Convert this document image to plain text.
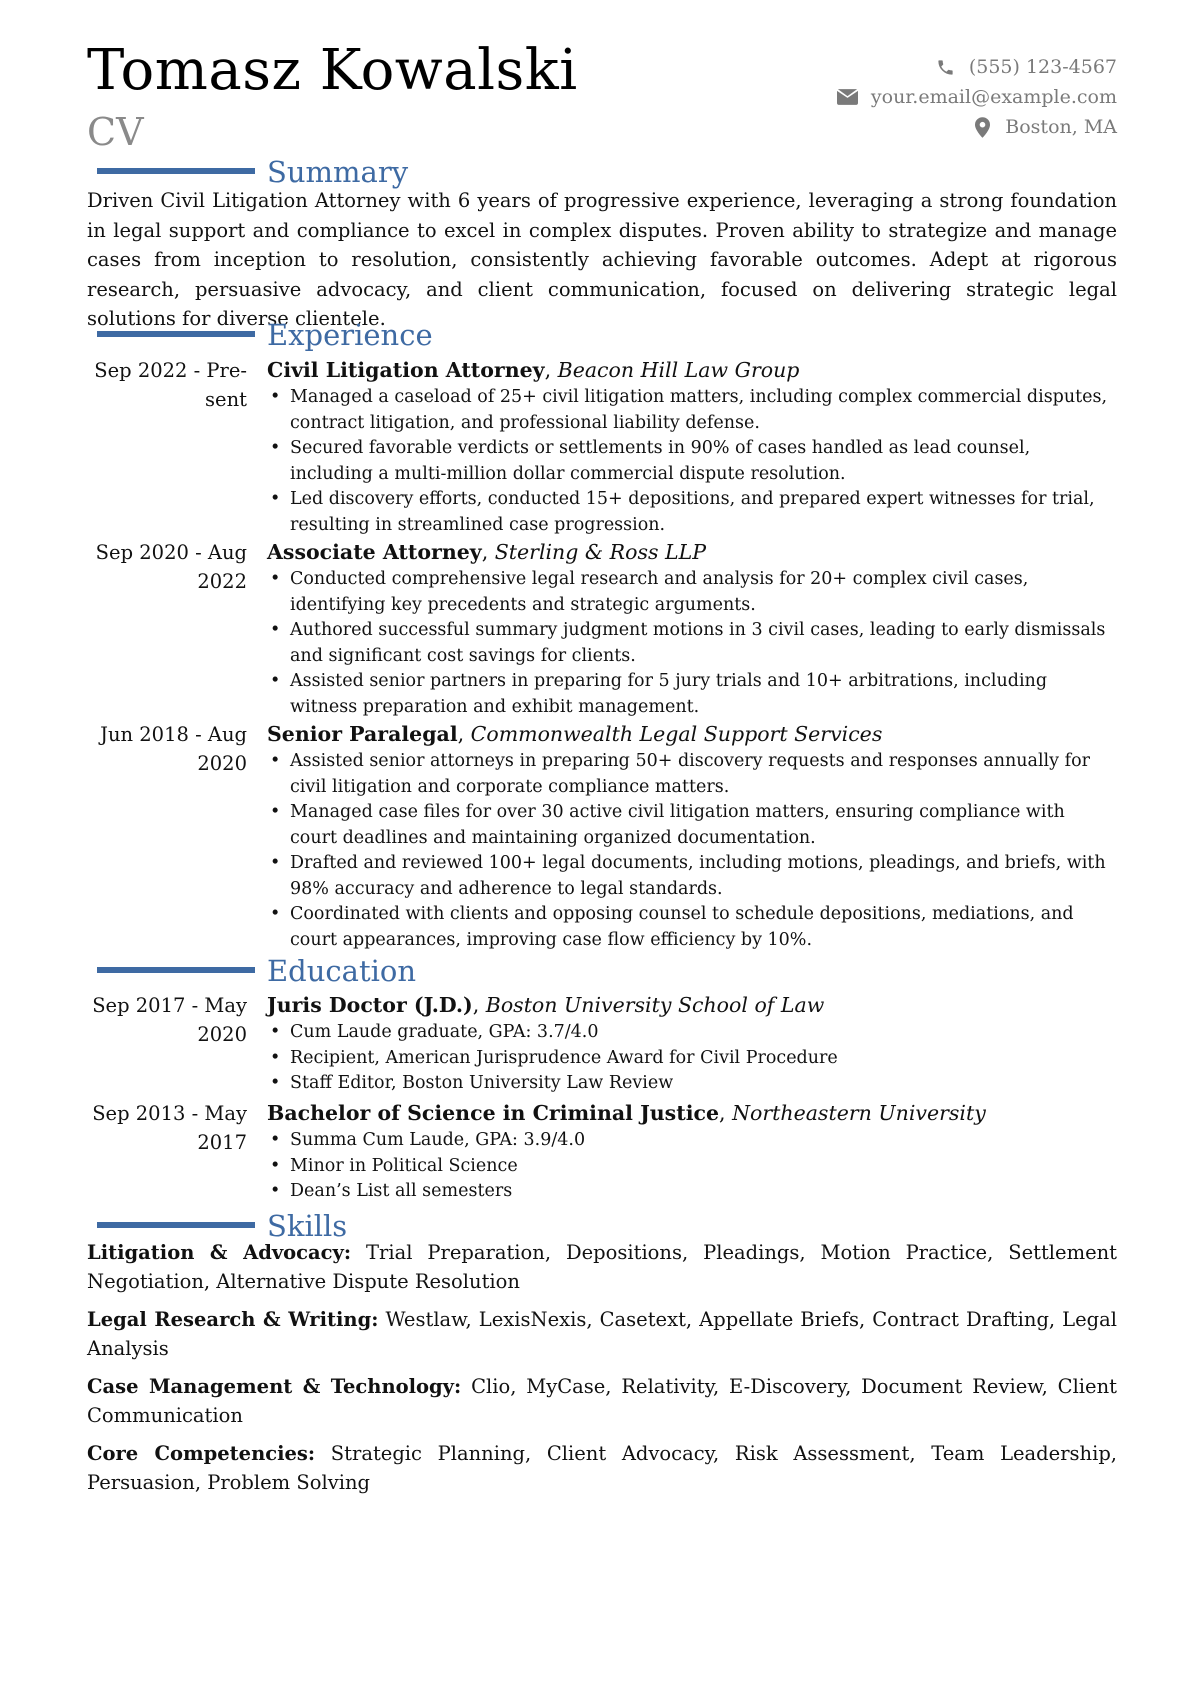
Tomasz Kowalski
CV
(555) 123-4567
your.email@example.com
Boston, MA
Summary
Driven Civil Litigation Attorney with 6 years of progressive experience, leveraging a strong foundation in legal support and compliance to excel in complex disputes. Proven ability to strategize and manage cases from inception to resolution, consistently achieving favorable outcomes. Adept at rigorous research, persuasive advocacy, and client communication, focused on delivering strategic legal solutions for diverse clientele.
Experience
Sep 2022 - Pre-
sent
Civil Litigation Attorney, Beacon Hill Law Group
• Managed a caseload of 25+ civil litigation matters, including complex commercial disputes, contract litigation, and professional liability defense.
• Secured favorable verdicts or settlements in 90% of cases handled as lead counsel, including a multi-million dollar commercial dispute resolution.
• Led discovery efforts, conducted 15+ depositions, and prepared expert witnesses for trial, resulting in streamlined case progression.
Sep 2020 - Aug
2022
Associate Attorney, Sterling & Ross LLP
• Conducted comprehensive legal research and analysis for 20+ complex civil cases, identifying key precedents and strategic arguments.
• Authored successful summary judgment motions in 3 civil cases, leading to early dismissals and significant cost savings for clients.
• Assisted senior partners in preparing for 5 jury trials and 10+ arbitrations, including witness preparation and exhibit management.
Jun 2018 - Aug
2020
Senior Paralegal, Commonwealth Legal Support Services
• Assisted senior attorneys in preparing 50+ discovery requests and responses annually for civil litigation and corporate compliance matters.
• Managed case files for over 30 active civil litigation matters, ensuring compliance with court deadlines and maintaining organized documentation.
• Drafted and reviewed 100+ legal documents, including motions, pleadings, and briefs, with 98% accuracy and adherence to legal standards.
• Coordinated with clients and opposing counsel to schedule depositions, mediations, and court appearances, improving case flow efficiency by 10%.
Education
Sep 2017 - May
2020
Juris Doctor (J.D.), Boston University School of Law
• Cum Laude graduate, GPA: 3.7/4.0
• Recipient, American Jurisprudence Award for Civil Procedure
• Staff Editor, Boston University Law Review
Sep 2013 - May
2017
Bachelor of Science in Criminal Justice, Northeastern University
• Summa Cum Laude, GPA: 3.9/4.0
• Minor in Political Science
• Dean’s List all semesters
Skills
Litigation & Advocacy: Trial Preparation, Depositions, Pleadings, Motion Practice, Settlement Negotiation, Alternative Dispute Resolution
Legal Research & Writing: Westlaw, LexisNexis, Casetext, Appellate Briefs, Contract Drafting, Legal Analysis
Case Management & Technology: Clio, MyCase, Relativity, E-Discovery, Document Review, Client Communication
Core Competencies: Strategic Planning, Client Advocacy, Risk Assessment, Team Leadership, Persuasion, Problem Solving
